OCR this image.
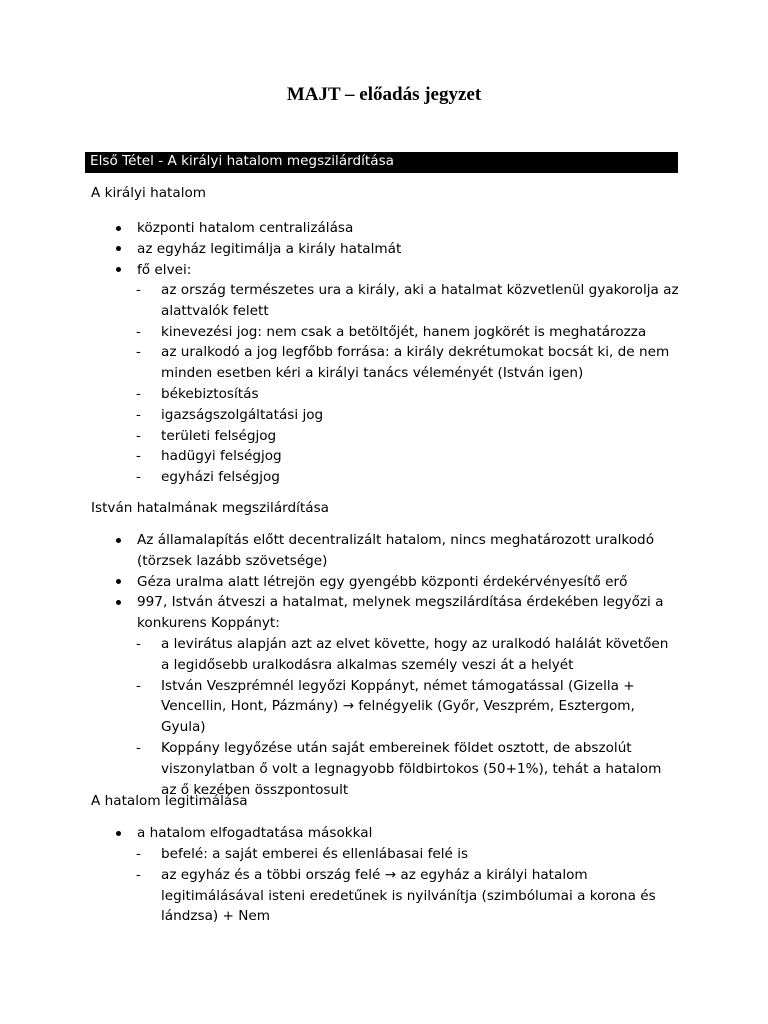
MAJT – előadás jegyzet
Első Tétel - A királyi hatalom megszilárdítása
A királyi hatalom
központi hatalom centralizálása
az egyház legitimálja a király hatalmát
fő elvei:
- az ország természetes ura a király, aki a hatalmat közvetlenül gyakorolja az alattvalók felett
- kinevezési jog: nem csak a betöltőjét, hanem jogkörét is meghatározza
- az uralkodó a jog legfőbb forrása: a király dekrétumokat bocsát ki, de nem minden esetben kéri a királyi tanács véleményét (István igen)
- békebiztosítás
- igazságszolgáltatási jog
- területi felségjog
- hadügyi felségjog
- egyházi felségjog
István hatalmának megszilárdítása
Az államalapítás előtt decentralizált hatalom, nincs meghatározott uralkodó (törzsek lazább szövetsége)
Géza uralma alatt létrejön egy gyengébb központi érdekérvényesítő erő
997, István átveszi a hatalmat, melynek megszilárdítása érdekében legyőzi a konkurens Koppányt:
- a levirátus alapján azt az elvet követte, hogy az uralkodó halálát követően a legidősebb uralkodásra alkalmas személy veszi át a helyét
- István Veszprémnél legyőzi Koppányt, német támogatással (Gizella + Vencellin, Hont, Pázmány) → felnégyelik (Győr, Veszprém, Esztergom, Gyula)
- Koppány legyőzése után saját embereinek földet osztott, de abszolút viszonylatban ő volt a legnagyobb földbirtokos (50+1%), tehát a hatalom az ő kezében összpontosult
A hatalom legitimálása
a hatalom elfogadtatása másokkal
- befelé: a saját emberei és ellenlábasai felé is
- az egyház és a többi ország felé → az egyház a királyi hatalom legitimálásával isteni eredetűnek is nyilvánítja (szimbólumai a korona és lándzsa) + Nem
